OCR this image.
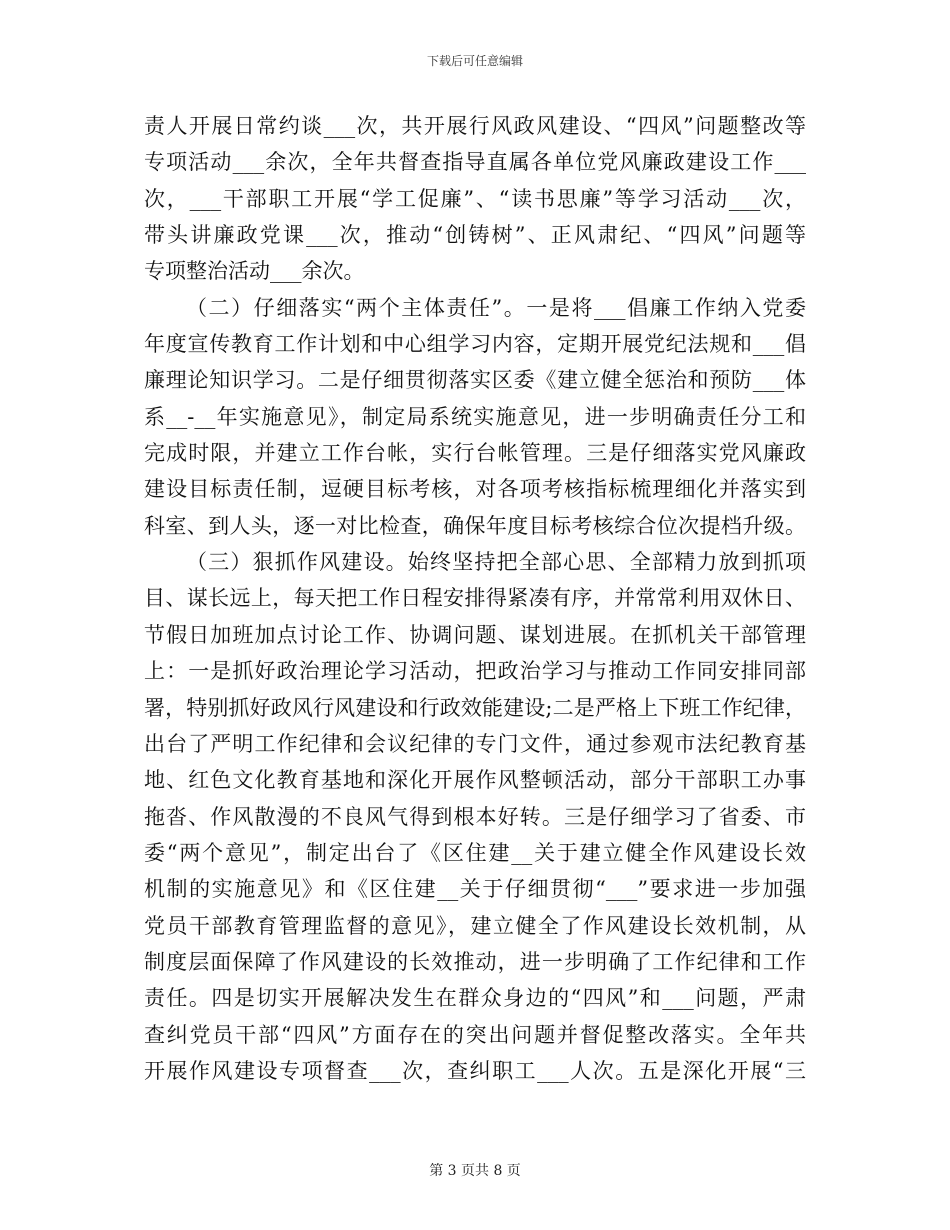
下载后可任意编辑
责人开展日常约谈___次，共开展行风政风建设、“四风”问题整改等
专项活动___余次，全年共督查指导直属各单位党风廉政建设工作___
次，___干部职工开展“学工促廉”、“读书思廉”等学习活动___次，
带头讲廉政党课___次，推动“创铸树”、正风肃纪、“四风”问题等
专项整治活动___余次。
（二）仔细落实“两个主体责任”。一是将___倡廉工作纳入党委
年度宣传教育工作计划和中心组学习内容，定期开展党纪法规和___倡
廉理论知识学习。二是仔细贯彻落实区委《建立健全惩治和预防___体
系__-__年实施意见》，制定局系统实施意见，进一步明确责任分工和
完成时限，并建立工作台帐，实行台帐管理。三是仔细落实党风廉政
建设目标责任制，逗硬目标考核，对各项考核指标梳理细化并落实到
科室、到人头，逐一对比检查，确保年度目标考核综合位次提档升级。
（三）狠抓作风建设。始终坚持把全部心思、全部精力放到抓项
目、谋长远上，每天把工作日程安排得紧凑有序，并常常利用双休日、
节假日加班加点讨论工作、协调问题、谋划进展。在抓机关干部管理
上：一是抓好政治理论学习活动，把政治学习与推动工作同安排同部
署，特别抓好政风行风建设和行政效能建设;二是严格上下班工作纪律，
出台了严明工作纪律和会议纪律的专门文件，通过参观市法纪教育基
地、红色文化教育基地和深化开展作风整顿活动，部分干部职工办事
拖沓、作风散漫的不良风气得到根本好转。三是仔细学习了省委、市
委“两个意见”，制定出台了《区住建__关于建立健全作风建设长效
机制的实施意见》和《区住建__关于仔细贯彻“___”要求进一步加强
党员干部教育管理监督的意见》，建立健全了作风建设长效机制，从
制度层面保障了作风建设的长效推动，进一步明确了工作纪律和工作
责任。四是切实开展解决发生在群众身边的“四风”和___问题，严肃
查纠党员干部“四风”方面存在的突出问题并督促整改落实。全年共
开展作风建设专项督查___次，查纠职工___人次。五是深化开展“三
第 3 页共 8 页
